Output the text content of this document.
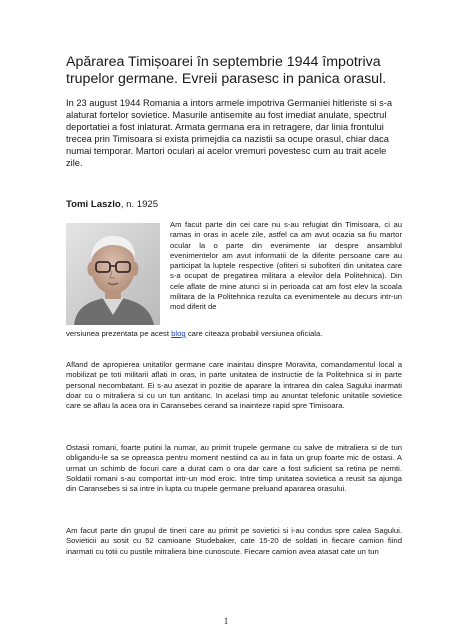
Apărarea Timișoarei în septembrie 1944 împotriva trupelor germane. Evreii parasesc in panica orasul.

In 23 august 1944 Romania a intors armele impotriva Germaniei hitleriste si s-a alaturat fortelor sovietice. Masurile antisemite au fost imediat anulate, spectrul deportatiei a fost inlaturat. Armata germana era in retragere, dar linia frontului trecea prin Timisoara si exista primejdia ca nazistii sa ocupe orasul, chiar daca numai temporar. Martori oculari ai acelor vremuri povestesc cum au trait acele zile.

Tomi Laszlo, n. 1925

Am facut parte din cei care nu s-au refugiat din Timisoara, ci au ramas in oras in acele zile, astfel ca am avut ocazia sa fiu martor ocular la o parte din evenimente iar despre ansamblul evenimentelor am avut informatii de la diferite persoane care au participat la luptele respective (ofiteri si subofiteri din unitatea care s-a ocupat de pregatirea militara a elevilor dela Politehnica). Din cele aflate de mine atunci si in perioada cat am fost elev la scoala militara de la Politehnica rezulta ca evenimentele au decurs intr-un mod diferit de

versiunea prezentata pe acest blog care citeaza probabil versiunea oficiala.

Afland de apropierea unitatilor germane care inaintau dinspre Moravita, comandamentul local a mobilizat pe toti militarii aflati in oras, in parte unitatea de instructie de la Politehnica si in parte personal necombatant. Ei s-au asezat in pozitie de aparare la intrarea din calea Sagului inarmati doar cu o mitraliera si cu un tun antitanc. In acelasi timp au anuntat telefonic unitatile sovietice care se aflau la acea ora in Caransebes cerand sa inainteze rapid spre Timisoara.

Ostasii romani, foarte putini la numar, au primit trupele germane cu salve de mitraliera si de tun obligandu-le sa se opreasca pentru moment nestiind ca au in fata un grup foarte mic de ostasi. A urmat un schimb de focuri care a durat cam o ora dar care a fost suficient sa retina pe nemti. Soldatii romani s-au comportat intr-un mod eroic. Intre timp unitatea sovietica a reusit sa ajunga din Caransebes si sa intre in lupta cu trupele germane preluand apararea orasului.

Am facut parte din grupul de tineri care au primit pe sovietici si i-au condus spre calea Sagului. Sovieticii au sosit cu 52 camioane Studebaker, cate 15-20 de soldati in fiecare camion fiind inarmati cu totii cu pustile mitraliera bine cunoscute. Fiecare camion avea atasat cate un tun

1
